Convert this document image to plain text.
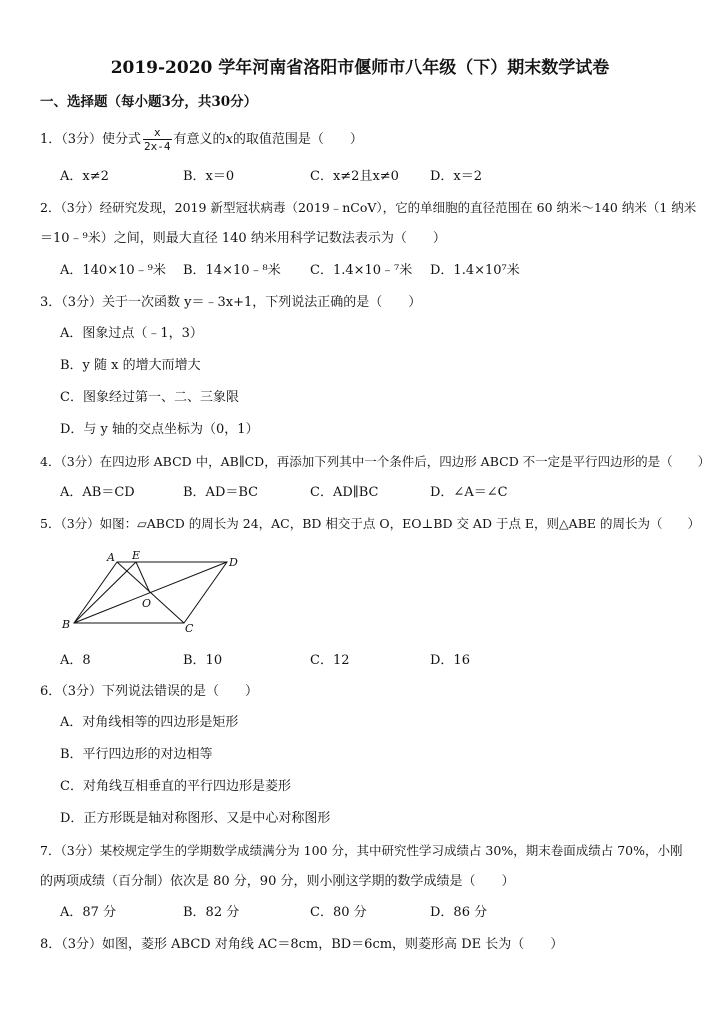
2019-2020 学年河南省洛阳市偃师市八年级（下）期末数学试卷
一、选择题（每小题3分，共30分）
1．（3分）使分式 $\frac{x}{2x-4}$ 有意义的x的取值范围是（　　）
A．x≠2	B．x＝0	C．x≠2且x≠0 D．x＝2
2．（3分）经研究发现，2019 新型冠状病毒（2019﹣nCoV），它的单细胞的直径范围在 60 纳米～140 纳米（1 纳米
＝10﹣⁹米）之间，则最大直径 140 纳米用科学记数法表示为（　　）
A．140×10﹣⁹米 B．14×10﹣⁸米 C．1.4×10﹣⁷米 D．1.4×10⁷米
3．（3分）关于一次函数 y＝﹣3x+1，下列说法正确的是（　　）
A．图象过点（﹣1，3）
B．y 随 x 的增大而增大
C．图象经过第一、二、三象限
D．与 y 轴的交点坐标为（0，1）
4．（3分）在四边形 ABCD 中，AB∥CD，再添加下列其中一个条件后，四边形 ABCD 不一定是平行四边形的是（　　）
A．AB＝CD	B．AD＝BC	C．AD∥BC	D．∠A＝∠C
5．（3分）如图：▱ABCD 的周长为 24，AC，BD 相交于点 O，EO⊥BD 交 AD 于点 E，则△ABE 的周长为（　　）
A E
D
O
B	C
A．8	B．10	C．12	D．16
6．（3分）下列说法错误的是（　　）
A．对角线相等的四边形是矩形
B．平行四边形的对边相等
C．对角线互相垂直的平行四边形是菱形
D．正方形既是轴对称图形、又是中心对称图形
7．（3分）某校规定学生的学期数学成绩满分为 100 分，其中研究性学习成绩占 30%，期末卷面成绩占 70%，小刚
的两项成绩（百分制）依次是 80 分，90 分，则小刚这学期的数学成绩是（　　）
A．87 分	B．82 分	C．80 分	D．86 分
8．（3分）如图，菱形 ABCD 对角线 AC＝8cm，BD＝6cm，则菱形高 DE 长为（　　）
